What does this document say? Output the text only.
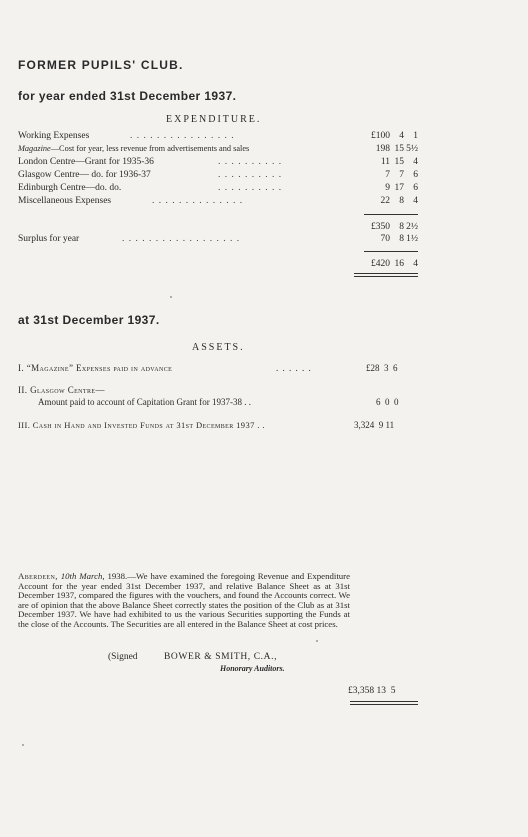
FORMER PUPILS' CLUB.
for year ended 31st December 1937.
EXPENDITURE.
Working Expenses	. . . . . . . . . . . . . . . .	£100 4 1
Magazine—Cost for year, less revenue from advertisements and sales	198 15 5½
London Centre—Grant for 1935-36	. . . . . . . . . .	11 15 4
Glasgow Centre— do. for 1936-37	. . . . . . . . . .	7 7 6
Edinburgh Centre—do. do.	. . . . . . . . . .	9 17 6
Miscellaneous Expenses	. . . . . . . . . . . . . .	22 8 4
£350 8 2½
Surplus for year	. . . . . . . . . . . . . . . . . .	70 8 1½
£420 16 4
at 31st December 1937.
ASSETS.
I. “Magazine” Expenses paid in advance	. . . . . .	£28  3  6
II. Glasgow Centre—
Amount paid to account of Capitation Grant for 1937-38 . .	6  0  0
III. Cash in Hand and Invested Funds at 31st December 1937 . .	3,324  9 11
Aberdeen, 10th March, 1938.—We have examined the foregoing Revenue and Expenditure Account for the year ended 31st December 1937, and relative Balance Sheet as at 31st December 1937, compared the figures with the vouchers, and found the Accounts correct. We are of opinion that the above Balance Sheet correctly states the position of the Club as at 31st December 1937. We have had exhibited to us the various Securities supporting the Funds at the close of the Accounts. The Securities are all entered in the Balance Sheet at cost prices.
(Signed	BOWER & SMITH, C.A.,
Honorary Auditors.
£3,358 13  5
